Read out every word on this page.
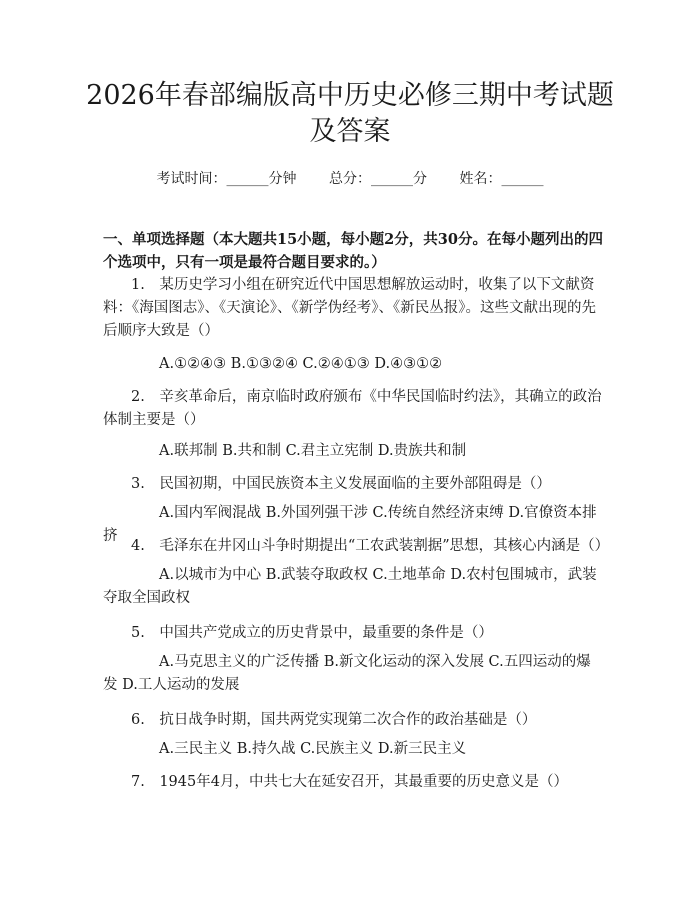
2026年春部编版高中历史必修三期中考试题
及答案
考试时间：______分钟 总分：______分 姓名：______
一、单项选择题（本大题共15小题，每小题2分，共30分。在每小题列出的四个选项中，只有一项是最符合题目要求的。）
1.　某历史学习小组在研究近代中国思想解放运动时，收集了以下文献资料：《海国图志》、《天演论》、《新学伪经考》、《新民丛报》。这些文献出现的先后顺序大致是（）
A.①②④③ B.①③②④ C.②④①③ D.④③①②
2.　辛亥革命后，南京临时政府颁布《中华民国临时约法》，其确立的政治体制主要是（）
A.联邦制 B.共和制 C.君主立宪制 D.贵族共和制
3.　民国初期，中国民族资本主义发展面临的主要外部阻碍是（）
A.国内军阀混战 B.外国列强干涉 C.传统自然经济束缚 D.官僚资本排挤
4.　毛泽东在井冈山斗争时期提出“工农武装割据”思想，其核心内涵是（）
A.以城市为中心 B.武装夺取政权 C.土地革命 D.农村包围城市，武装夺取全国政权
5.　中国共产党成立的历史背景中，最重要的条件是（）
A.马克思主义的广泛传播 B.新文化运动的深入发展 C.五四运动的爆发 D.工人运动的发展
6.　抗日战争时期，国共两党实现第二次合作的政治基础是（）
A.三民主义 B.持久战 C.民族主义 D.新三民主义
7.　1945年4月，中共七大在延安召开，其最重要的历史意义是（）
